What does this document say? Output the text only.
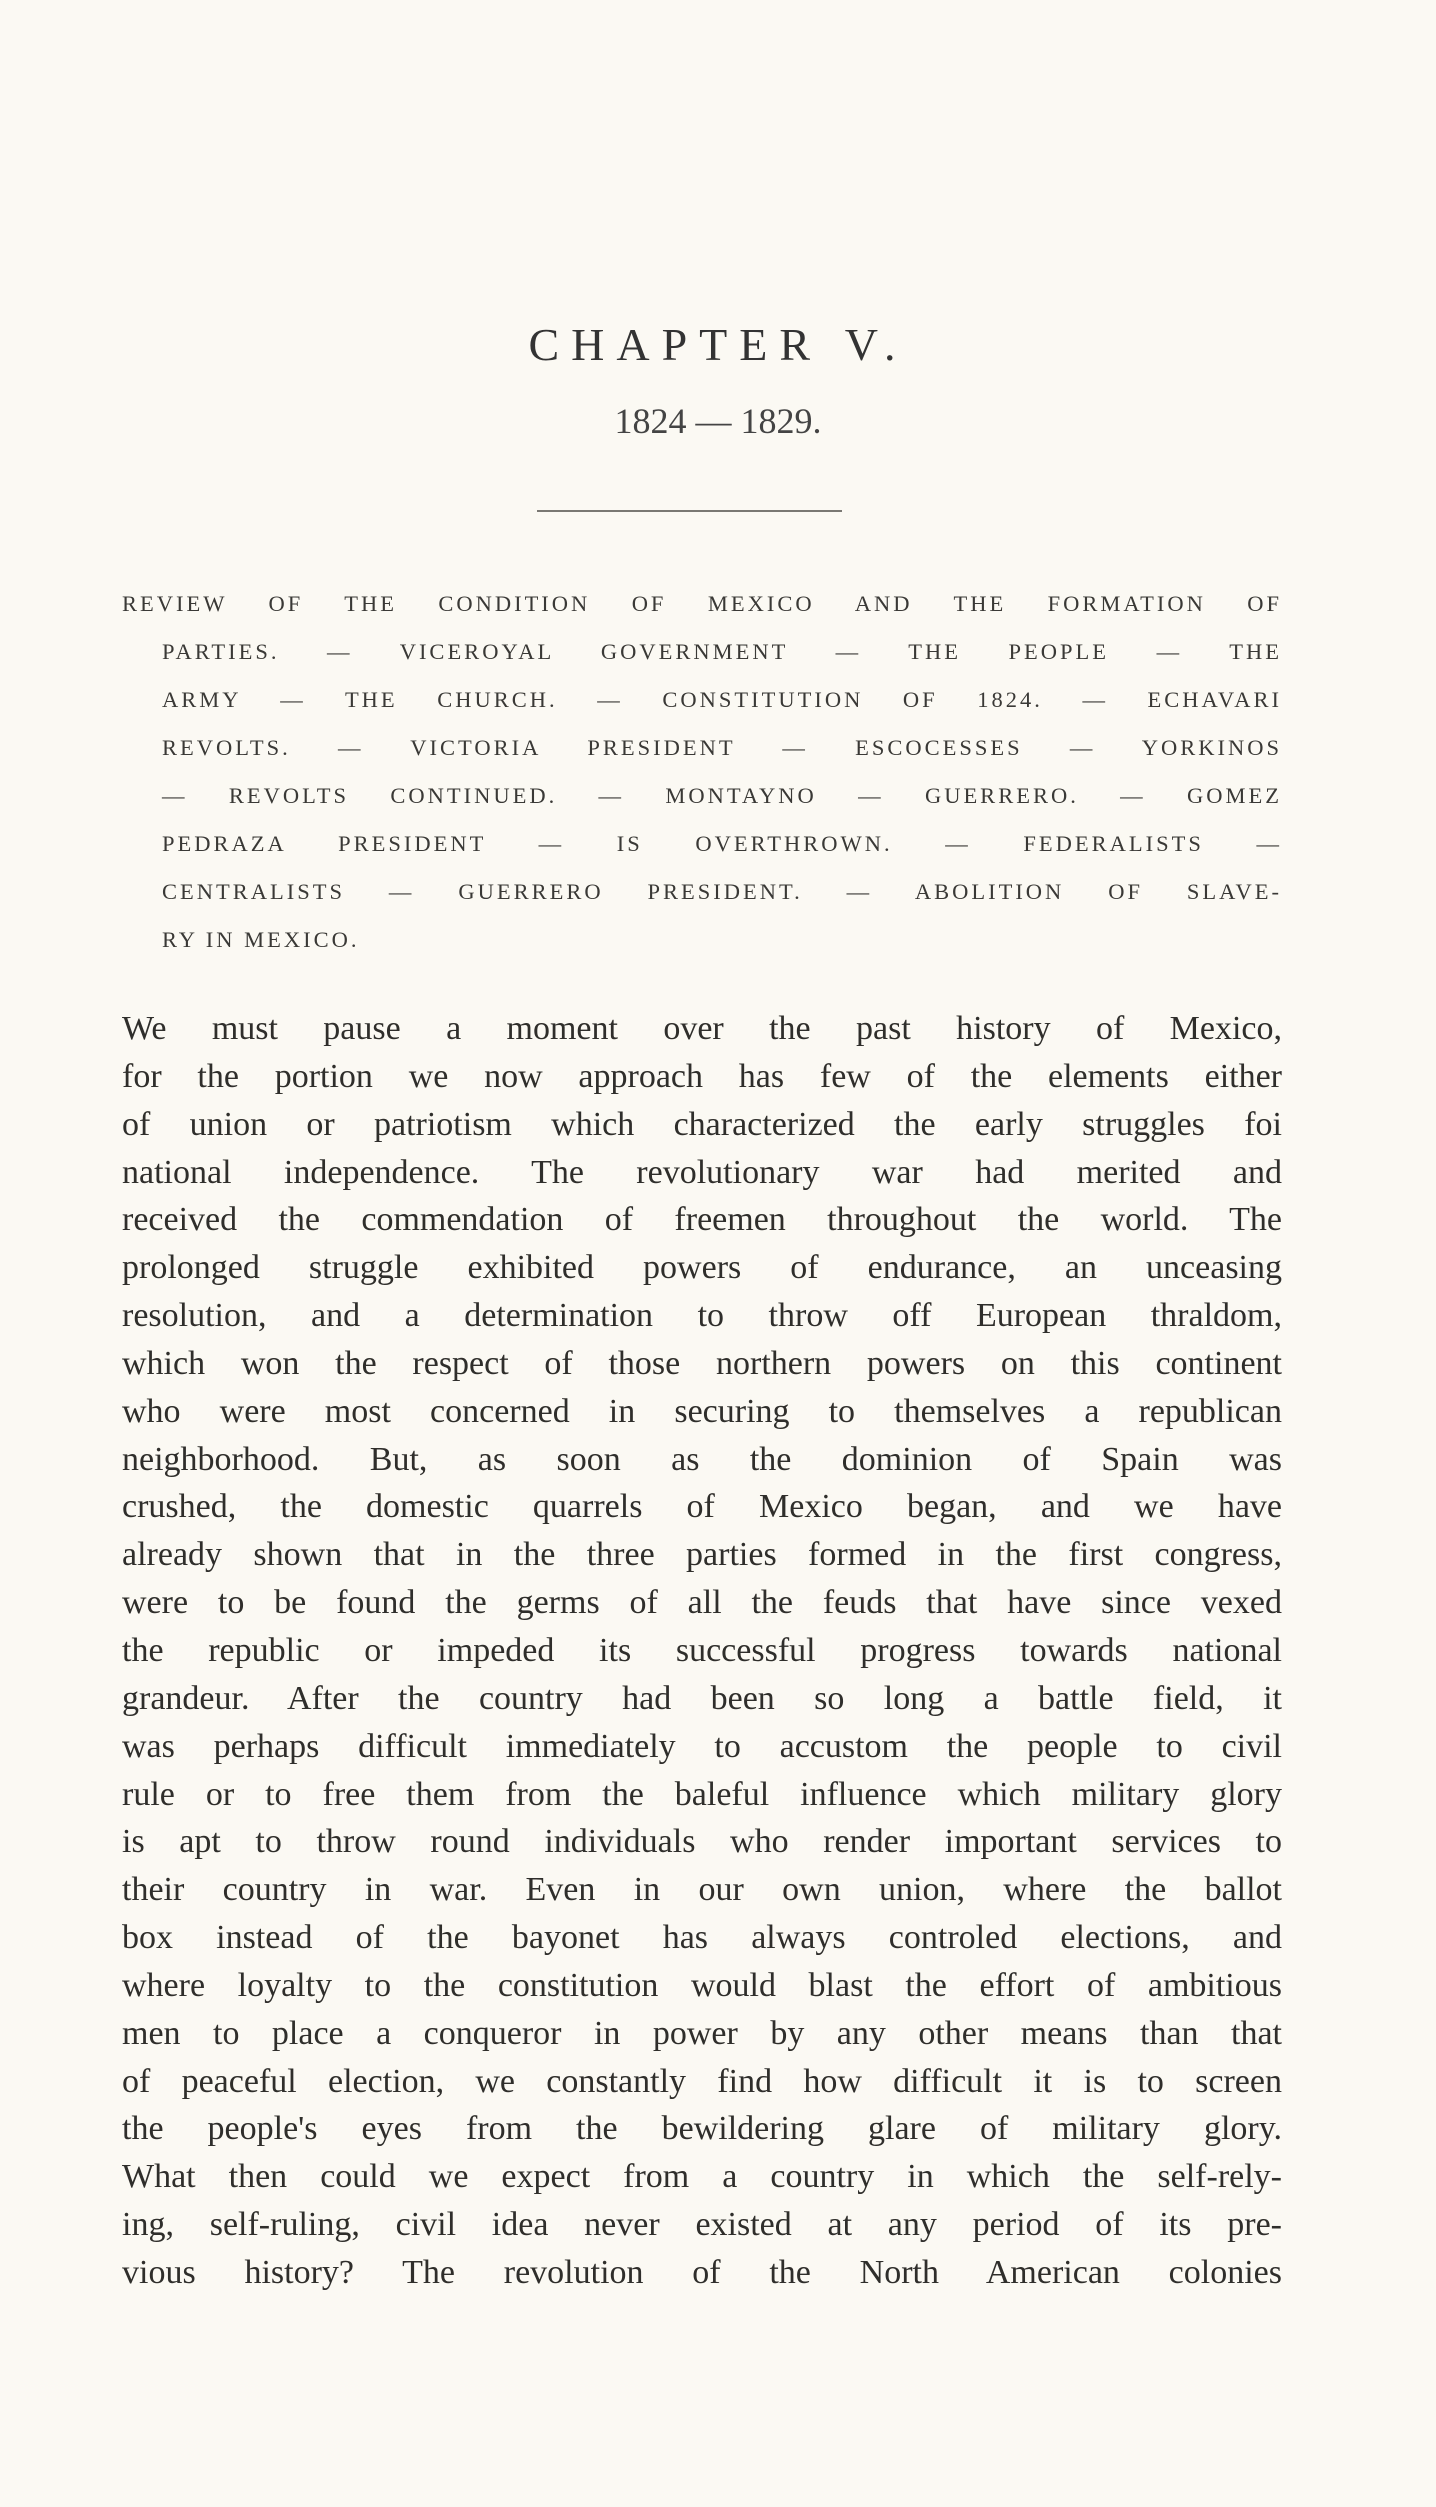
CHAPTER V.
1824 — 1829.
REVIEW OF THE CONDITION OF MEXICO AND THE FORMATION OF
PARTIES. — VICEROYAL GOVERNMENT — THE PEOPLE — THE
ARMY — THE CHURCH. — CONSTITUTION OF 1824. — ECHAVARI
REVOLTS. — VICTORIA PRESIDENT — ESCOCESSES — YORKINOS
— REVOLTS CONTINUED. — MONTAYNO — GUERRERO. — GOMEZ
PEDRAZA PRESIDENT — IS OVERTHROWN. — FEDERALISTS —
CENTRALISTS — GUERRERO PRESIDENT. — ABOLITION OF SLAVE-
RY IN MEXICO.
We must pause a moment over the past history of Mexico,
for the portion we now approach has few of the elements either
of union or patriotism which characterized the early struggles foi
national independence. The revolutionary war had merited and
received the commendation of freemen throughout the world. The
prolonged struggle exhibited powers of endurance, an unceasing
resolution, and a determination to throw off European thraldom,
which won the respect of those northern powers on this continent
who were most concerned in securing to themselves a republican
neighborhood. But, as soon as the dominion of Spain was
crushed, the domestic quarrels of Mexico began, and we have
already shown that in the three parties formed in the first congress,
were to be found the germs of all the feuds that have since vexed
the republic or impeded its successful progress towards national
grandeur. After the country had been so long a battle field, it
was perhaps difficult immediately to accustom the people to civil
rule or to free them from the baleful influence which military glory
is apt to throw round individuals who render important services to
their country in war. Even in our own union, where the ballot
box instead of the bayonet has always controled elections, and
where loyalty to the constitution would blast the effort of ambitious
men to place a conqueror in power by any other means than that
of peaceful election, we constantly find how difficult it is to screen
the people's eyes from the bewildering glare of military glory.
What then could we expect from a country in which the self-rely-
ing, self-ruling, civil idea never existed at any period of its pre-
vious history? The revolution of the North American colonies
